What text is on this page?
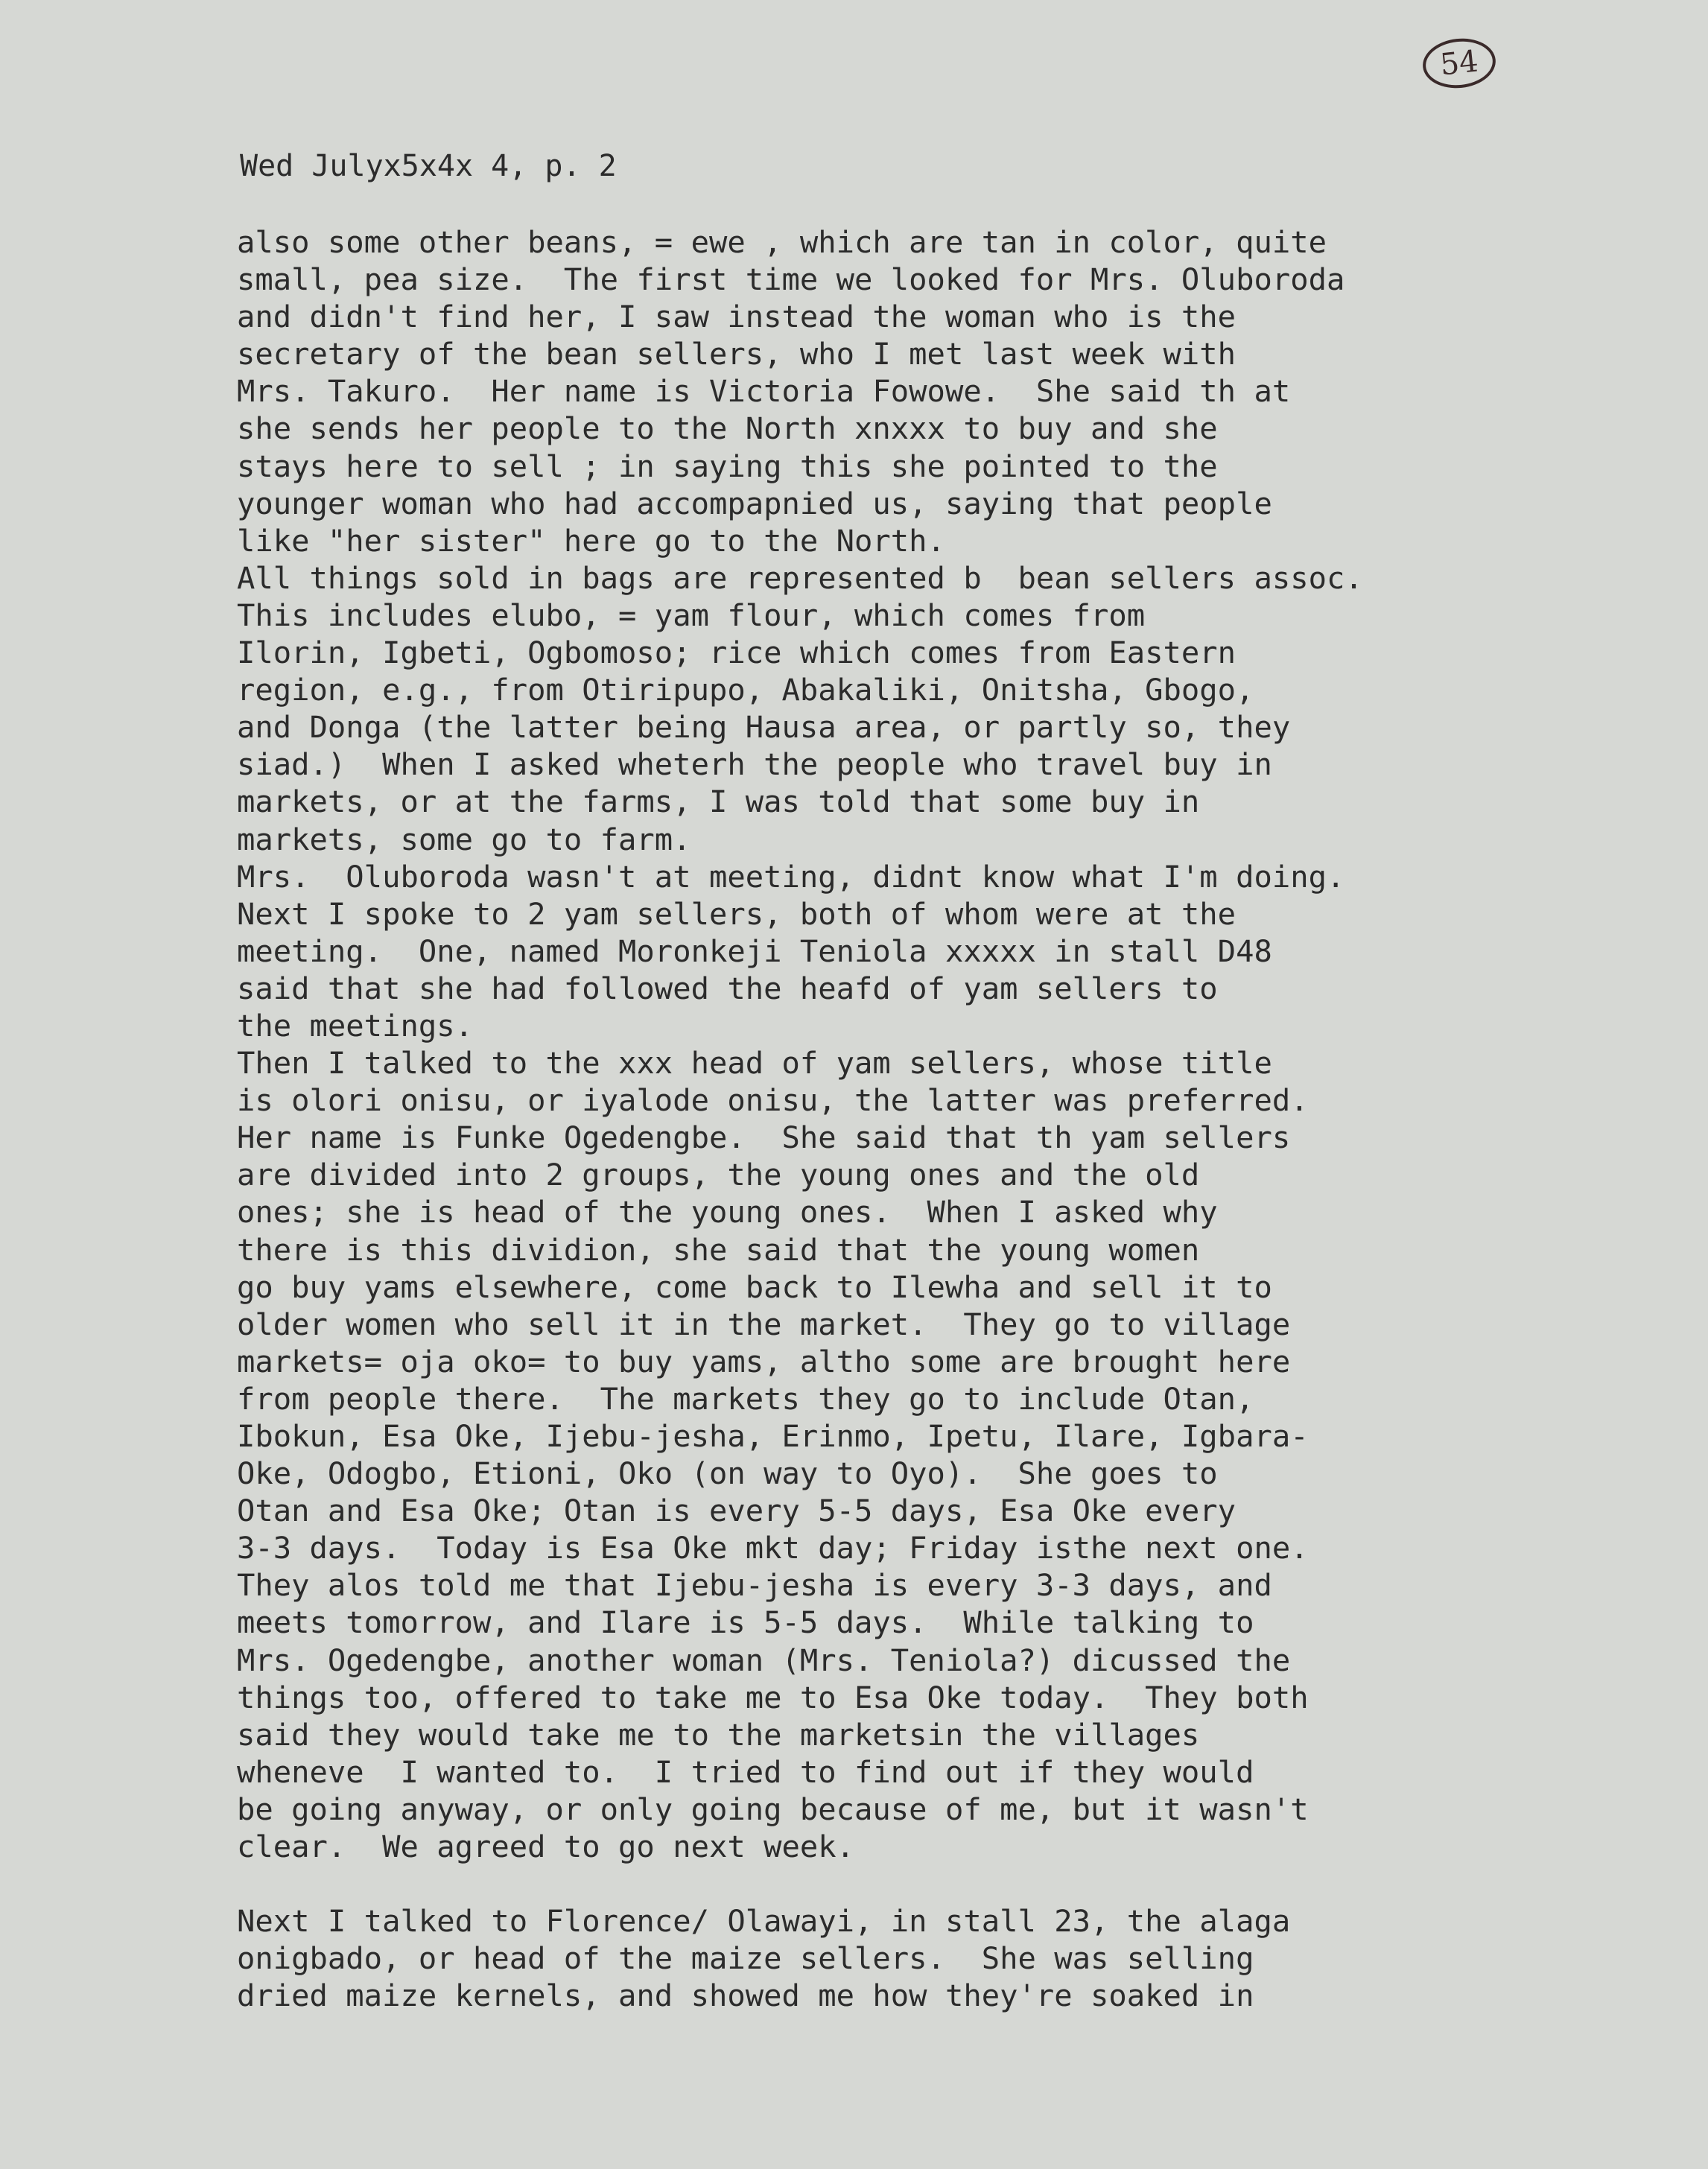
54
Wed Julyx5x4x 4, p. 2
also some other beans, = ewe , which are tan in color, quite
small, pea size.  The first time we looked for Mrs. Oluboroda
and didn't find her, I saw instead the woman who is the
secretary of the bean sellers, who I met last week with
Mrs. Takuro.  Her name is Victoria Fowowe.  She said th at
she sends her people to the North xnxxx to buy and she
stays here to sell ; in saying this she pointed to the
younger woman who had accompapnied us, saying that people
like "her sister" here go to the North.
All things sold in bags are represented b  bean sellers assoc.
This includes elubo, = yam flour, which comes from
Ilorin, Igbeti, Ogbomoso; rice which comes from Eastern
region, e.g., from Otiripupo, Abakaliki, Onitsha, Gbogo,
and Donga (the latter being Hausa area, or partly so, they
siad.)  When I asked wheterh the people who travel buy in
markets, or at the farms, I was told that some buy in
markets, some go to farm.
Mrs.  Oluboroda wasn't at meeting, didnt know what I'm doing.
Next I spoke to 2 yam sellers, both of whom were at the
meeting.  One, named Moronkeji Teniola xxxxx in stall D48
said that she had followed the heafd of yam sellers to
the meetings.
Then I talked to the xxx head of yam sellers, whose title
is olori onisu, or iyalode onisu, the latter was preferred.
Her name is Funke Ogedengbe.  She said that th yam sellers
are divided into 2 groups, the young ones and the old
ones; she is head of the young ones.  When I asked why
there is this dividion, she said that the young women
go buy yams elsewhere, come back to Ilewha and sell it to
older women who sell it in the market.  They go to village
markets= oja oko= to buy yams, altho some are brought here
from people there.  The markets they go to include Otan,
Ibokun, Esa Oke, Ijebu-jesha, Erinmo, Ipetu, Ilare, Igbara-
Oke, Odogbo, Etioni, Oko (on way to Oyo).  She goes to
Otan and Esa Oke; Otan is every 5-5 days, Esa Oke every
3-3 days.  Today is Esa Oke mkt day; Friday isthe next one.
They alos told me that Ijebu-jesha is every 3-3 days, and
meets tomorrow, and Ilare is 5-5 days.  While talking to
Mrs. Ogedengbe, another woman (Mrs. Teniola?) dicussed the
things too, offered to take me to Esa Oke today.  They both
said they would take me to the marketsin the villages
wheneve  I wanted to.  I tried to find out if they would
be going anyway, or only going because of me, but it wasn't
clear.  We agreed to go next week.
Next I talked to Florence/ Olawayi, in stall 23, the alaga
onigbado, or head of the maize sellers.  She was selling
dried maize kernels, and showed me how they're soaked in
